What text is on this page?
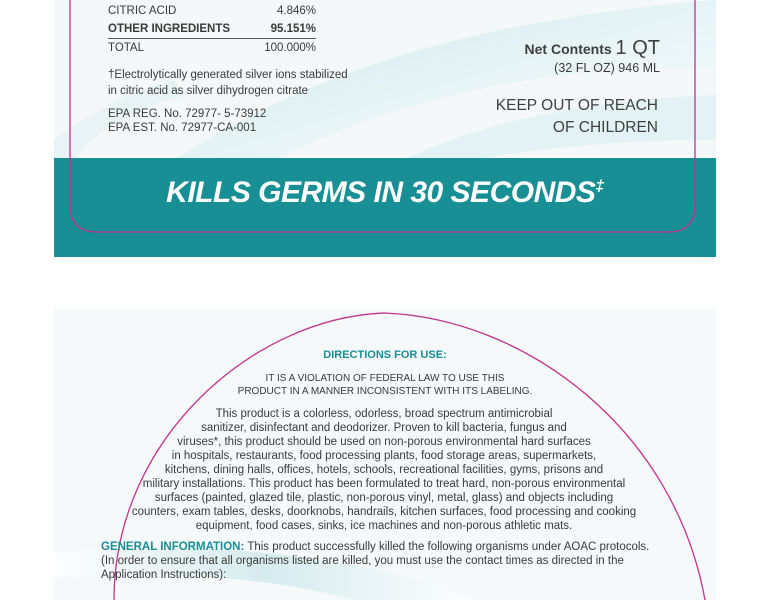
KILLS GERMS IN 30 SECONDS‡
CITRIC ACID	4.846%
OTHER INGREDIENTS	95.151%
TOTAL	100.000%
†Electrolytically generated silver ions stabilized
in citric acid as silver dihydrogen citrate
EPA REG. No. 72977- 5-73912
EPA EST. No. 72977-CA-001
Net Contents 1 QT
(32 FL OZ) 946 ML
KEEP OUT OF REACH
OF CHILDREN
DIRECTIONS FOR USE:
IT IS A VIOLATION OF FEDERAL LAW TO USE THIS
PRODUCT IN A MANNER INCONSISTENT WITH ITS LABELING.
This product is a colorless, odorless, broad spectrum antimicrobial
sanitizer, disinfectant and deodorizer. Proven to kill bacteria, fungus and
viruses*, this product should be used on non-porous environmental hard surfaces
in hospitals, restaurants, food processing plants, food storage areas, supermarkets,
kitchens, dining halls, offices, hotels, schools, recreational facilities, gyms, prisons and
military installations. This product has been formulated to treat hard, non-porous environmental
surfaces (painted, glazed tile, plastic, non-porous vinyl, metal, glass) and objects including
counters, exam tables, desks, doorknobs, handrails, kitchen surfaces, food processing and cooking
equipment, food cases, sinks, ice machines and non-porous athletic mats.
GENERAL INFORMATION: This product successfully killed the following organisms under AOAC protocols.
(In order to ensure that all organisms listed are killed, you must use the contact times as directed in the
Application Instructions):
